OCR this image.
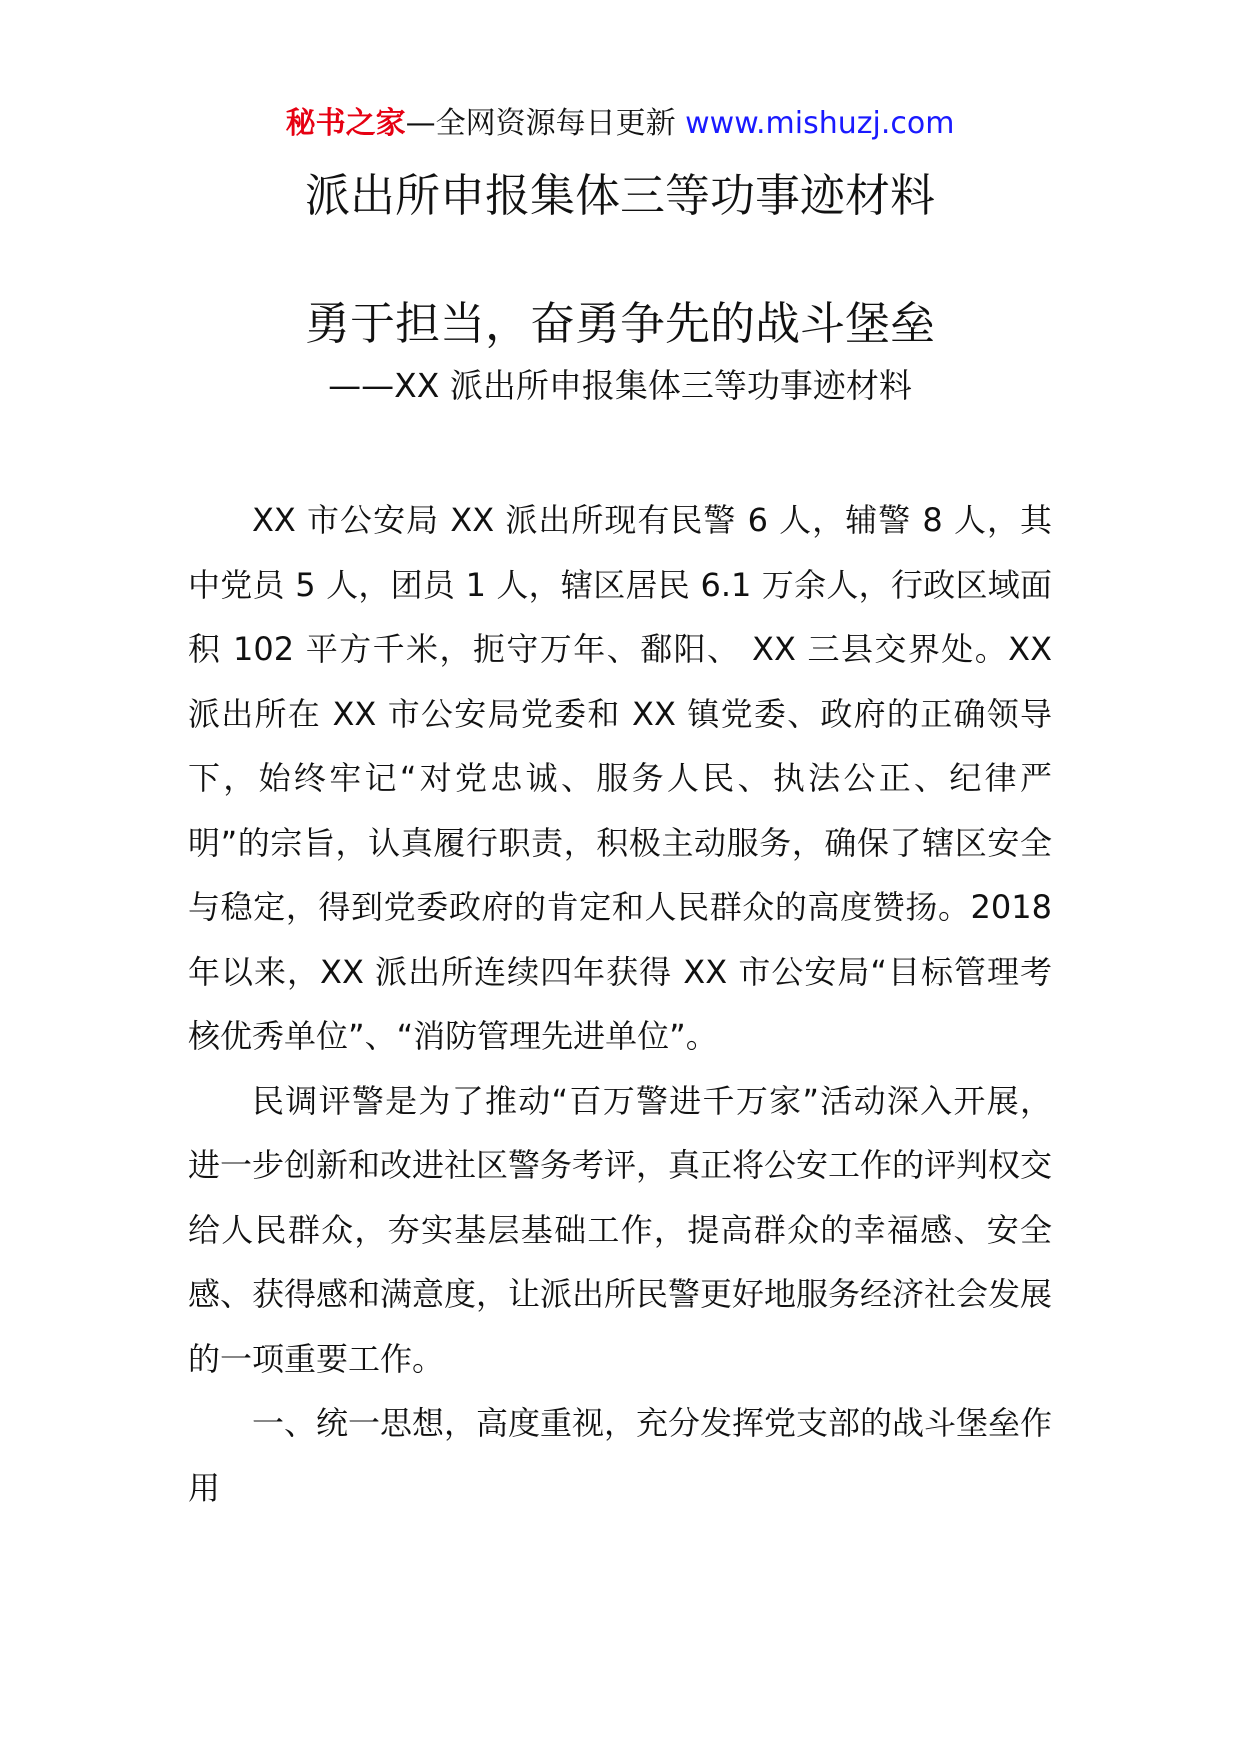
秘书之家—全网资源每日更新 www.mishuzj.com
派出所申报集体三等功事迹材料
勇于担当，奋勇争先的战斗堡垒
——XX 派出所申报集体三等功事迹材料

XX 市公安局 XX 派出所现有民警 6 人，辅警 8 人，其中党员 5 人，团员 1 人，辖区居民 6.1 万余人，行政区域面积 102 平方千米，扼守万年、鄱阳、 XX 三县交界处。XX 派出所在 XX 市公安局党委和 XX 镇党委、政府的正确领导下，始终牢记“对党忠诚、服务人民、执法公正、纪律严明”的宗旨，认真履行职责，积极主动服务，确保了辖区安全与稳定，得到党委政府的肯定和人民群众的高度赞扬。2018 年以来，XX 派出所连续四年获得 XX 市公安局“目标管理考核优秀单位”、“消防管理先进单位”。

民调评警是为了推动“百万警进千万家”活动深入开展，进一步创新和改进社区警务考评，真正将公安工作的评判权交给人民群众，夯实基层基础工作，提高群众的幸福感、安全感、获得感和满意度，让派出所民警更好地服务经济社会发展的一项重要工作。

一、统一思想，高度重视，充分发挥党支部的战斗堡垒作用
